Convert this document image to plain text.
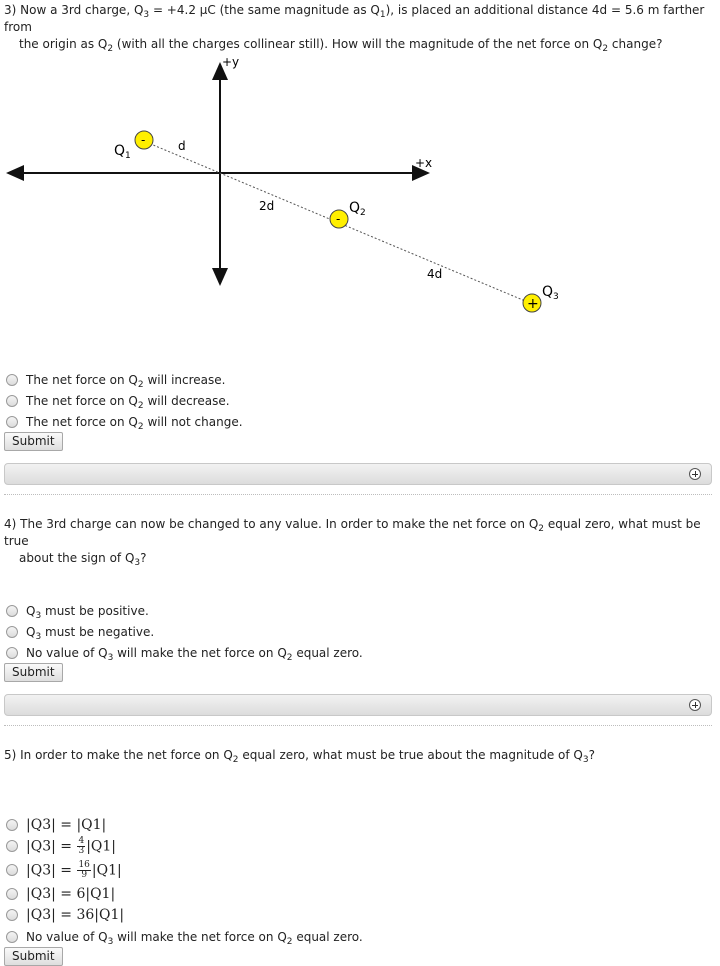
3) Now a 3rd charge, $Q_3 = +4.2$ μC (the same magnitude as $Q_1$), is placed an additional distance 4d = 5.6 m farther from
the origin as $Q_2$ (with all the charges collinear still). How will the magnitude of the net force on $Q_2$ change?
+y
+x
d
2d
4d
-
$Q_1$
-
$Q_2$
+
$Q_3$
The net force on $Q_2$ will increase.
The net force on $Q_2$ will decrease.
The net force on $Q_2$ will not change.
Submit
4) The 3rd charge can now be changed to any value. In order to make the net force on $Q_2$ equal zero, what must be true
about the sign of $Q_3$?
$Q_3$ must be positive.
$Q_3$ must be negative.
No value of $Q_3$ will make the net force on $Q_2$ equal zero.
Submit
5) In order to make the net force on $Q_2$ equal zero, what must be true about the magnitude of $Q_3$?
|Q3| = |Q1|
$|Q3| = \frac{4}{3} |Q1|$
$|Q3| = \frac{16}{9} |Q1|$
|Q3| = 6|Q1|
|Q3| = 36|Q1|
No value of $Q_3$ will make the net force on $Q_2$ equal zero.
Submit
